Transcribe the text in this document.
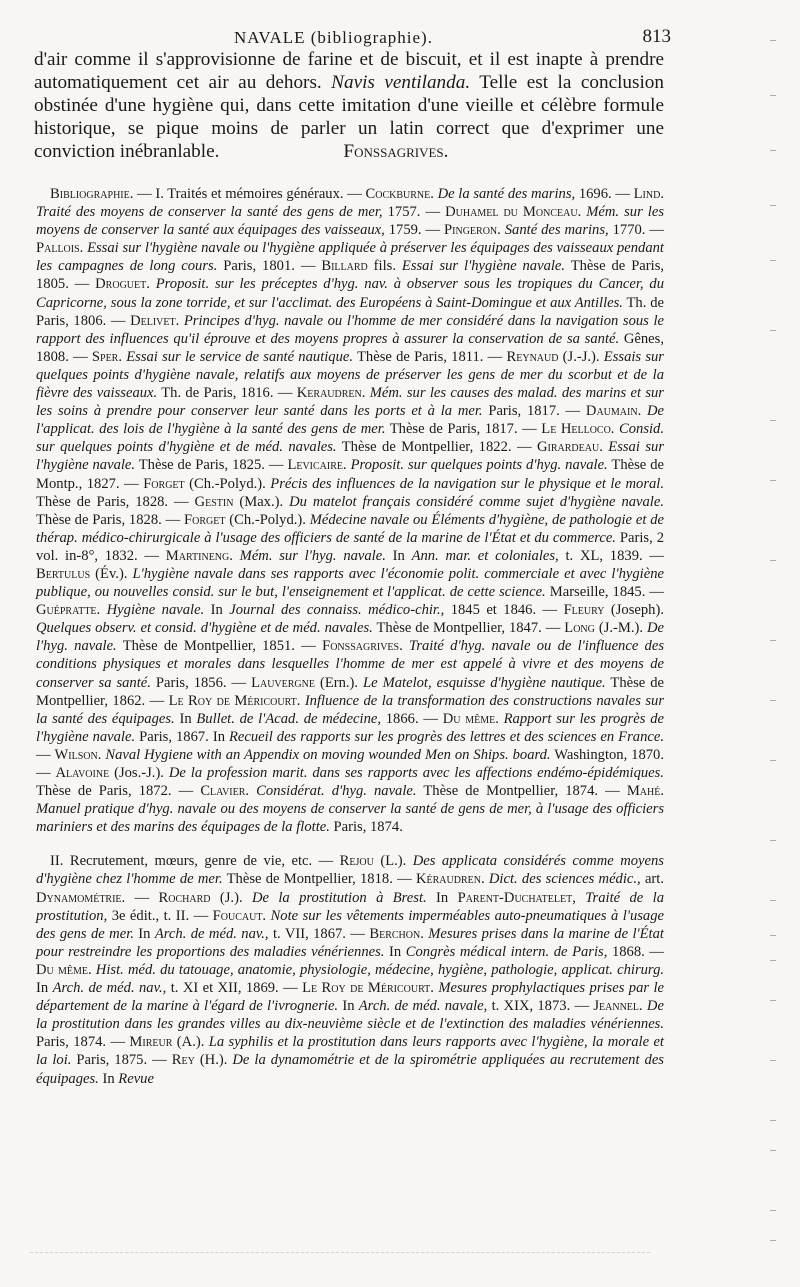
NAVALE (bibliographie).	813

d'air comme il s'approvisionne de farine et de biscuit, et il est inapte à prendre automatiquement cet air au dehors. Navis ventilanda. Telle est la conclusion obstinée d'une hygiène qui, dans cette imitation d'une vieille et célèbre formule historique, se pique moins de parler un latin correct que d'exprimer une conviction inébranlable.	Fonssagrives.

Bibliographie. — I. Traités et mémoires généraux. — Cockburne. De la santé des marins, 1696. — Lind. Traité des moyens de conserver la santé des gens de mer, 1757. — Duhamel du Monceau. Mém. sur les moyens de conserver la santé aux équipages des vaisseaux, 1759. — Pingeron. Santé des marins, 1770. — Pallois. Essai sur l'hygiène navale ou l'hygiène appliquée à préserver les équipages des vaisseaux pendant les campagnes de long cours. Paris, 1801. — Billard fils. Essai sur l'hygiène navale. Thèse de Paris, 1805. — Droguet. Proposit. sur les préceptes d'hyg. nav. à observer sous les tropiques du Cancer, du Capricorne, sous la zone torride, et sur l'acclimat. des Européens à Saint-Domingue et aux Antilles. Th. de Paris, 1806. — Delivet. Principes d'hyg. navale ou l'homme de mer considéré dans la navigation sous le rapport des influences qu'il éprouve et des moyens propres à assurer la conservation de sa santé. Gênes, 1808. — Sper. Essai sur le service de santé nautique. Thèse de Paris, 1811. — Reynaud (J.-J.). Essais sur quelques points d'hygiène navale, relatifs aux moyens de préserver les gens de mer du scorbut et de la fièvre des vaisseaux. Th. de Paris, 1816. — Keraudren. Mém. sur les causes des malad. des marins et sur les soins à prendre pour conserver leur santé dans les ports et à la mer. Paris, 1817. — Daumain. De l'applicat. des lois de l'hygiène à la santé des gens de mer. Thèse de Paris, 1817. — Le Helloco. Consid. sur quelques points d'hygiène et de méd. navales. Thèse de Montpellier, 1822. — Girardeau. Essai sur l'hygiène navale. Thèse de Paris, 1825. — Levicaire. Proposit. sur quelques points d'hyg. navale. Thèse de Montp., 1827. — Forget (Ch.-Polyd.). Précis des influences de la navigation sur le physique et le moral. Thèse de Paris, 1828. — Gestin (Max.). Du matelot français considéré comme sujet d'hygiène navale. Thèse de Paris, 1828. — Forget (Ch.-Polyd.). Médecine navale ou Éléments d'hygiène, de pathologie et de thérap. médico-chirurgicale à l'usage des officiers de santé de la marine de l'État et du commerce. Paris, 2 vol. in-8°, 1832. — Martineng. Mém. sur l'hyg. navale. In Ann. mar. et coloniales, t. XL, 1839. — Bertulus (Év.). L'hygiène navale dans ses rapports avec l'économie polit. commerciale et avec l'hygiène publique, ou nouvelles consid. sur le but, l'enseignement et l'applicat. de cette science. Marseille, 1845. — Guépratte. Hygiène navale. In Journal des connaiss. médico-chir., 1845 et 1846. — Fleury (Joseph). Quelques observ. et consid. d'hygiène et de méd. navales. Thèse de Montpellier, 1847. — Long (J.-M.). De l'hyg. navale. Thèse de Montpellier, 1851. — Fonssagrives. Traité d'hyg. navale ou de l'influence des conditions physiques et morales dans lesquelles l'homme de mer est appelé à vivre et des moyens de conserver sa santé. Paris, 1856. — Lauvergne (Ern.). Le Matelot, esquisse d'hygiène nautique. Thèse de Montpellier, 1862. — Le Roy de Méricourt. Influence de la transformation des constructions navales sur la santé des équipages. In Bullet. de l'Acad. de médecine, 1866. — Du même. Rapport sur les progrès de l'hygiène navale. Paris, 1867. In Recueil des rapports sur les progrès des lettres et des sciences en France. — Wilson. Naval Hygiene with an Appendix on moving wounded Men on Ships. board. Washington, 1870. — Alavoine (Jos.-J.). De la profession marit. dans ses rapports avec les affections endémo-épidémiques. Thèse de Paris, 1872. — Clavier. Considérat. d'hyg. navale. Thèse de Montpellier, 1874. — Mahé. Manuel pratique d'hyg. navale ou des moyens de conserver la santé de gens de mer, à l'usage des officiers mariniers et des marins des équipages de la flotte. Paris, 1874.

II. Recrutement, mœurs, genre de vie, etc. — Rejou (L.). Des applicata considérés comme moyens d'hygiène chez l'homme de mer. Thèse de Montpellier, 1818. — Kéraudren. Dict. des sciences médic., art. Dynamométrie. — Rochard (J.). De la prostitution à Brest. In Parent-Duchatelet, Traité de la prostitution, 3e édit., t. II. — Foucaut. Note sur les vêtements imperméables auto-pneumatiques à l'usage des gens de mer. In Arch. de méd. nav., t. VII, 1867. — Berchon. Mesures prises dans la marine de l'État pour restreindre les proportions des maladies vénériennes. In Congrès médical intern. de Paris, 1868. — Du même. Hist. méd. du tatouage, anatomie, physiologie, médecine, hygiène, pathologie, applicat. chirurg. In Arch. de méd. nav., t. XI et XII, 1869. — Le Roy de Méricourt. Mesures prophylactiques prises par le département de la marine à l'égard de l'ivrognerie. In Arch. de méd. navale, t. XIX, 1873. — Jeannel. De la prostitution dans les grandes villes au dix-neuvième siècle et de l'extinction des maladies vénériennes. Paris, 1874. — Mireur (A.). La syphilis et la prostitution dans leurs rapports avec l'hygiène, la morale et la loi. Paris, 1875. — Rey (H.). De la dynamométrie et de la spirométrie appliquées au recrutement des équipages. In Revue
